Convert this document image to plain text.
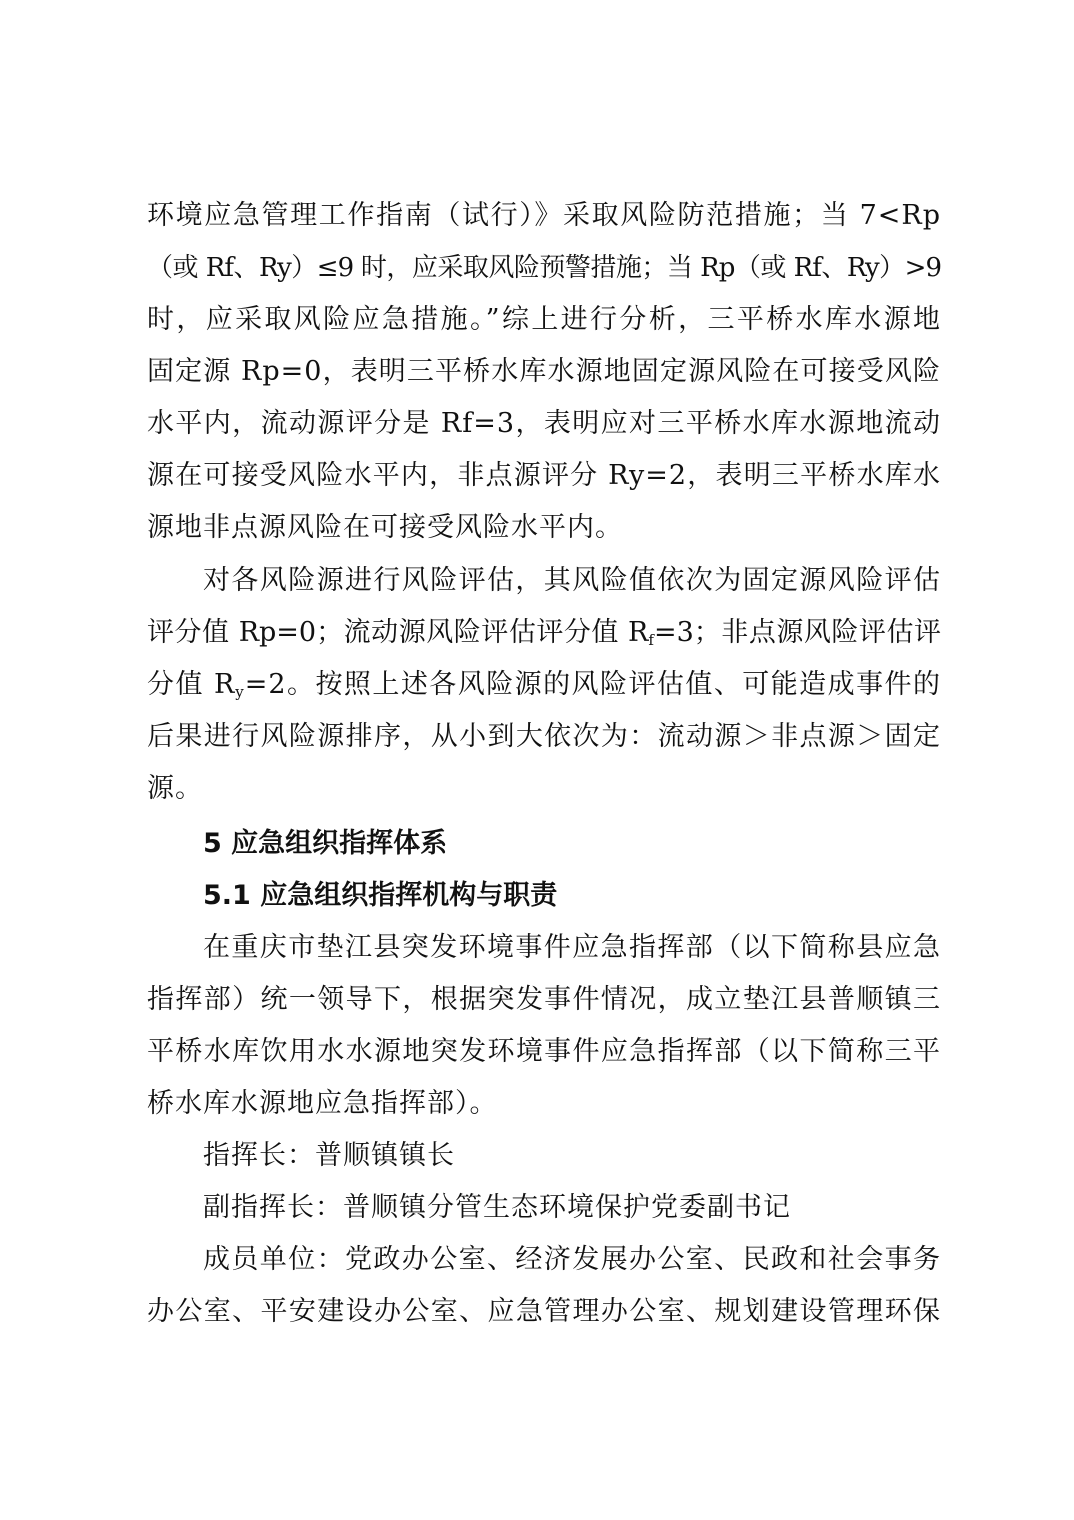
环境应急管理工作指南（试行）》采取风险防范措施；当 7<Rp
（或 Rf、Ry）≤9 时，应采取风险预警措施；当 Rp（或 Rf、Ry）>9
时，应采取风险应急措施。”综上进行分析，三平桥水库水源地
固定源 Rp=0，表明三平桥水库水源地固定源风险在可接受风险
水平内，流动源评分是 Rf=3，表明应对三平桥水库水源地流动
源在可接受风险水平内，非点源评分 Ry=2，表明三平桥水库水
源地非点源风险在可接受风险水平内。
对各风险源进行风险评估，其风险值依次为固定源风险评估
评分值 Rp=0；流动源风险评估评分值 $R_f=3$；非点源风险评估评
分值 $R_y=2$。按照上述各风险源的风险评估值、可能造成事件的
后果进行风险源排序，从小到大依次为：流动源＞非点源＞固定
源。
5 应急组织指挥体系
5.1 应急组织指挥机构与职责
在重庆市垫江县突发环境事件应急指挥部（以下简称县应急
指挥部）统一领导下，根据突发事件情况，成立垫江县普顺镇三
平桥水库饮用水水源地突发环境事件应急指挥部（以下简称三平
桥水库水源地应急指挥部）。
指挥长：普顺镇镇长
副指挥长：普顺镇分管生态环境保护党委副书记
成员单位：党政办公室、经济发展办公室、民政和社会事务
办公室、平安建设办公室、应急管理办公室、规划建设管理环保
